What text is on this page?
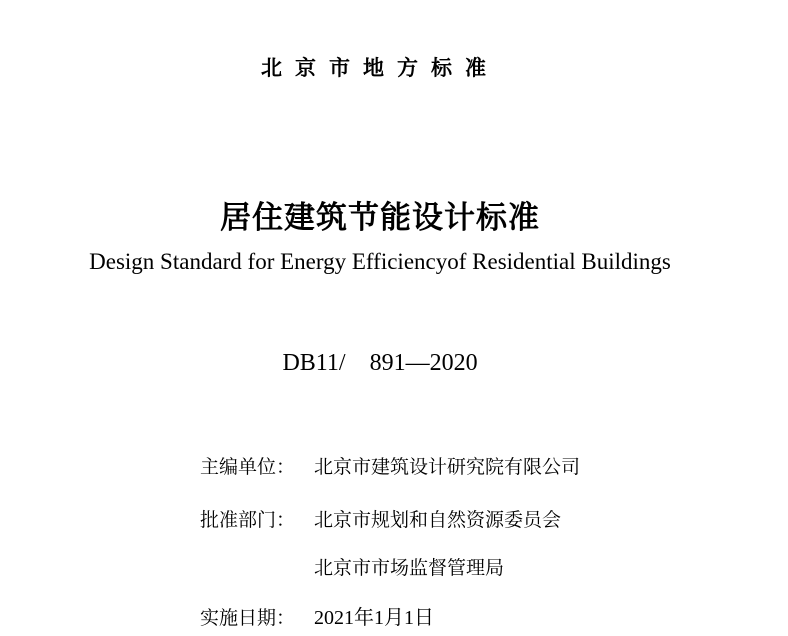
北京市地方标准
居住建筑节能设计标准
Design Standard for Energy Efficiencyof Residential Buildings
DB11/ 891—2020
主编单位： 北京市建筑设计研究院有限公司
批准部门： 北京市规划和自然资源委员会
北京市市场监督管理局
实施日期： 2021年1月1日
